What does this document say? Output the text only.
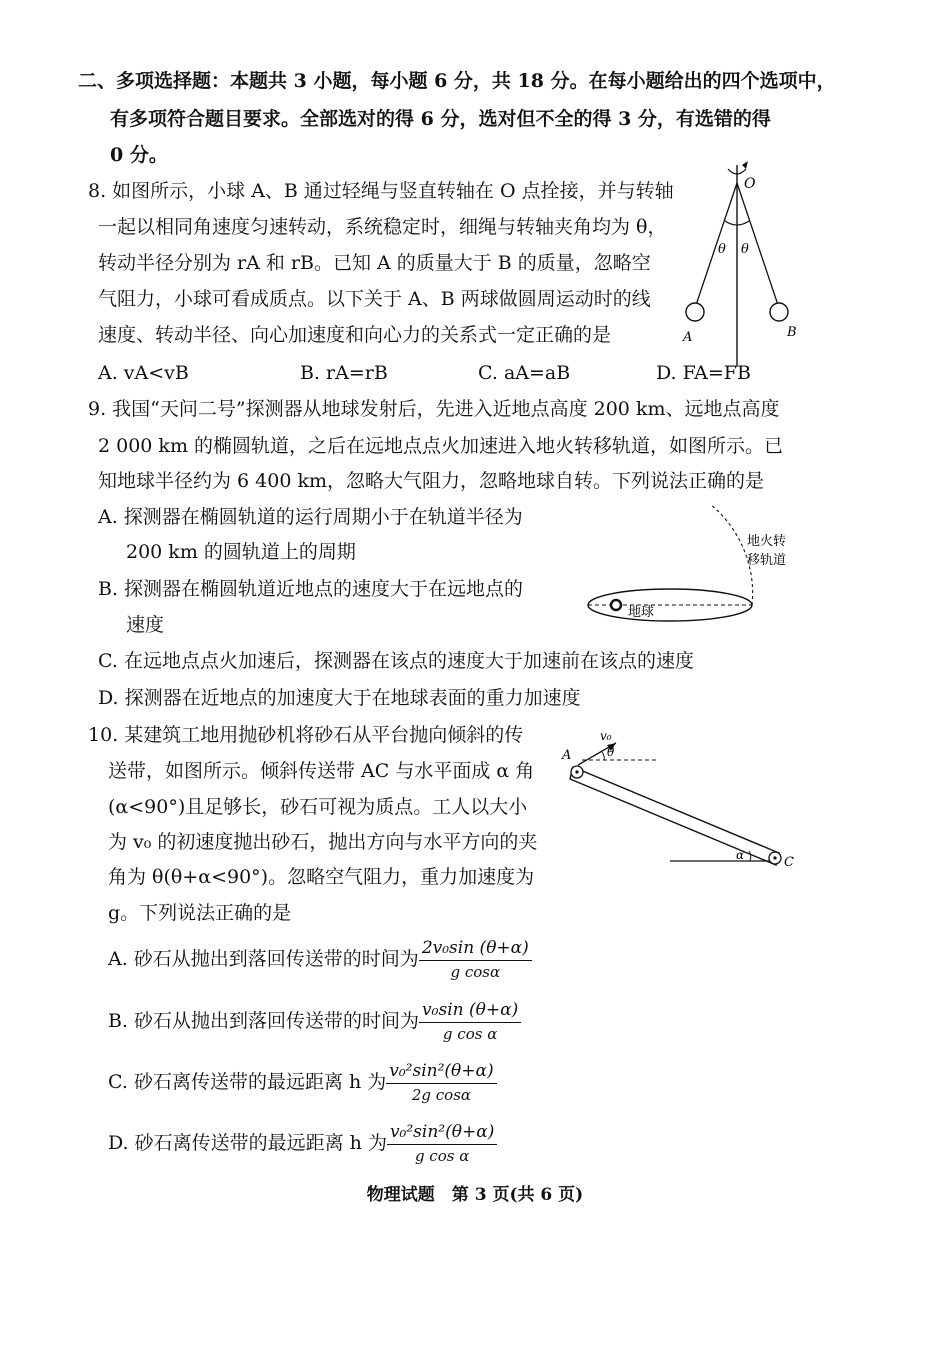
二、多项选择题：本题共 3 小题，每小题 6 分，共 18 分。在每小题给出的四个选项中，
有多项符合题目要求。全部选对的得 6 分，选对但不全的得 3 分，有选错的得
0 分。
8. 如图所示，小球 A、B 通过轻绳与竖直转轴在 O 点拴接，并与转轴
一起以相同角速度匀速转动，系统稳定时，细绳与转轴夹角均为 θ，
转动半径分别为 rA 和 rB。已知 A 的质量大于 B 的质量，忽略空
气阻力，小球可看成质点。以下关于 A、B 两球做圆周运动时的线
速度、转动半径、向心加速度和向心力的关系式一定正确的是
A. vA<vB	B. rA=rB	C. aA=aB	D. FA=FB
O
θ θ
A	B
9. 我国“天问二号”探测器从地球发射后，先进入近地点高度 200 km、远地点高度
2 000 km 的椭圆轨道，之后在远地点点火加速进入地火转移轨道，如图所示。已
知地球半径约为 6 400 km，忽略大气阻力，忽略地球自转。下列说法正确的是
A. 探测器在椭圆轨道的运行周期小于在轨道半径为
200 km 的圆轨道上的周期
B. 探测器在椭圆轨道近地点的速度大于在远地点的
速度
C. 在远地点点火加速后，探测器在该点的速度大于加速前在该点的速度
D. 探测器在近地点的加速度大于在地球表面的重力加速度
地球
地火转
移轨道
10. 某建筑工地用抛砂机将砂石从平台抛向倾斜的传
送带，如图所示。倾斜传送带 AC 与水平面成 α 角
(α<90°)且足够长，砂石可视为质点。工人以大小
为 v₀ 的初速度抛出砂石，抛出方向与水平方向的夹
角为 θ(θ+α<90°)。忽略空气阻力，重力加速度为
g。下列说法正确的是
A. 砂石从抛出到落回传送带的时间为 $\frac{\text{2v₀sin (θ+α)}}{\text{g cosα}}$
B. 砂石从抛出到落回传送带的时间为 $\frac{\text{v₀sin (θ+α)}}{\text{g cos α}}$
C. 砂石离传送带的最远距离 h 为 $\frac{\text{v₀²sin²(θ+α)}}{\text{2g cosα}}$
D. 砂石离传送带的最远距离 h 为 $\frac{\text{v₀²sin²(θ+α)}}{\text{g cos α}}$
v₀
θ
A
α	C
物理试题　第 3 页(共 6 页)
